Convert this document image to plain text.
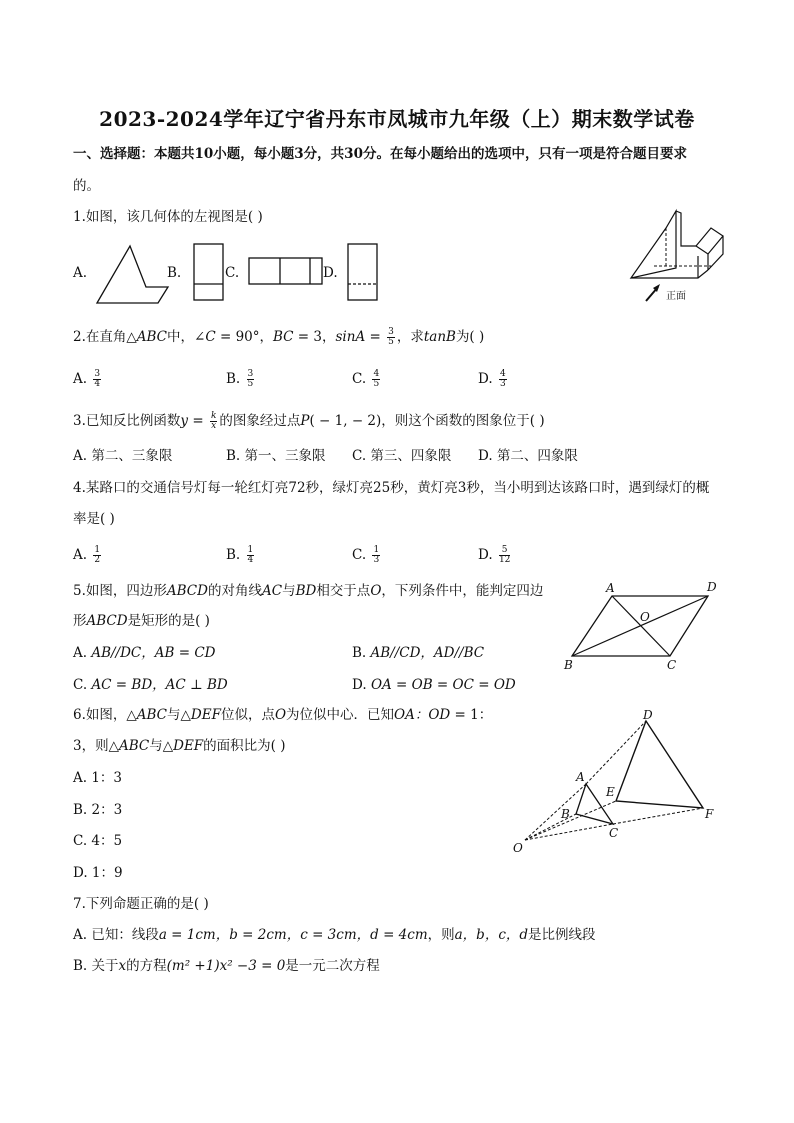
2023-2024学年辽宁省丹东市凤城市九年级（上）期末数学试卷
一、选择题：本题共10小题，每小题3分，共30分。在每小题给出的选项中，只有一项是符合题目要求
的。
1.如图，该几何体的左视图是( )
A.	B.	C.	D.
正面
2.在直角△ABC中，∠C = 90°，BC = 3，$\sin A = \frac{3}{5}$ ，求tanB为( )
A. $\frac{3}{4}$	B. $\frac{3}{5}$	C. $\frac{4}{5}$	D. $\frac{4}{3}$
3.已知反比例函数$y = \frac{k}{x}$ 的图象经过点P( − 1, − 2)，则这个函数的图象位于( )
A. 第二、三象限	B. 第一、三象限 C. 第三、四象限 D. 第二、四象限
4.某路口的交通信号灯每一轮红灯亮72秒，绿灯亮25秒，黄灯亮3秒，当小明到达该路口时，遇到绿灯的概
率是( )
A. $\frac{1}{2}$	B. $\frac{1}{4}$	C. $\frac{1}{3}$	D. $\frac{5}{12}$
5.如图，四边形ABCD的对角线AC与BD相交于点O，下列条件中，能判定四边
形ABCD是矩形的是( )
A. AB//DC，AB = CD	B. AB//CD，AD//BC
C. AC = BD，AC ⊥ BD	D. OA = OB = OC = OD
A	D
O
B	C
6.如图，△ABC与△DEF位似，点O为位似中心．已知OA：OD = 1：
3，则△ABC与△DEF的面积比为( )
A. 1：3
B. 2：3
C. 4：5
D. 1：9
D
A
E
B
C
F
O
7.下列命题正确的是( )
A. 已知：线段a = 1cm，b = 2cm，c = 3cm，d = 4cm，则a，b，c，d是比例线段
B. 关于x的方程(m² +1)x² −3 = 0是一元二次方程
